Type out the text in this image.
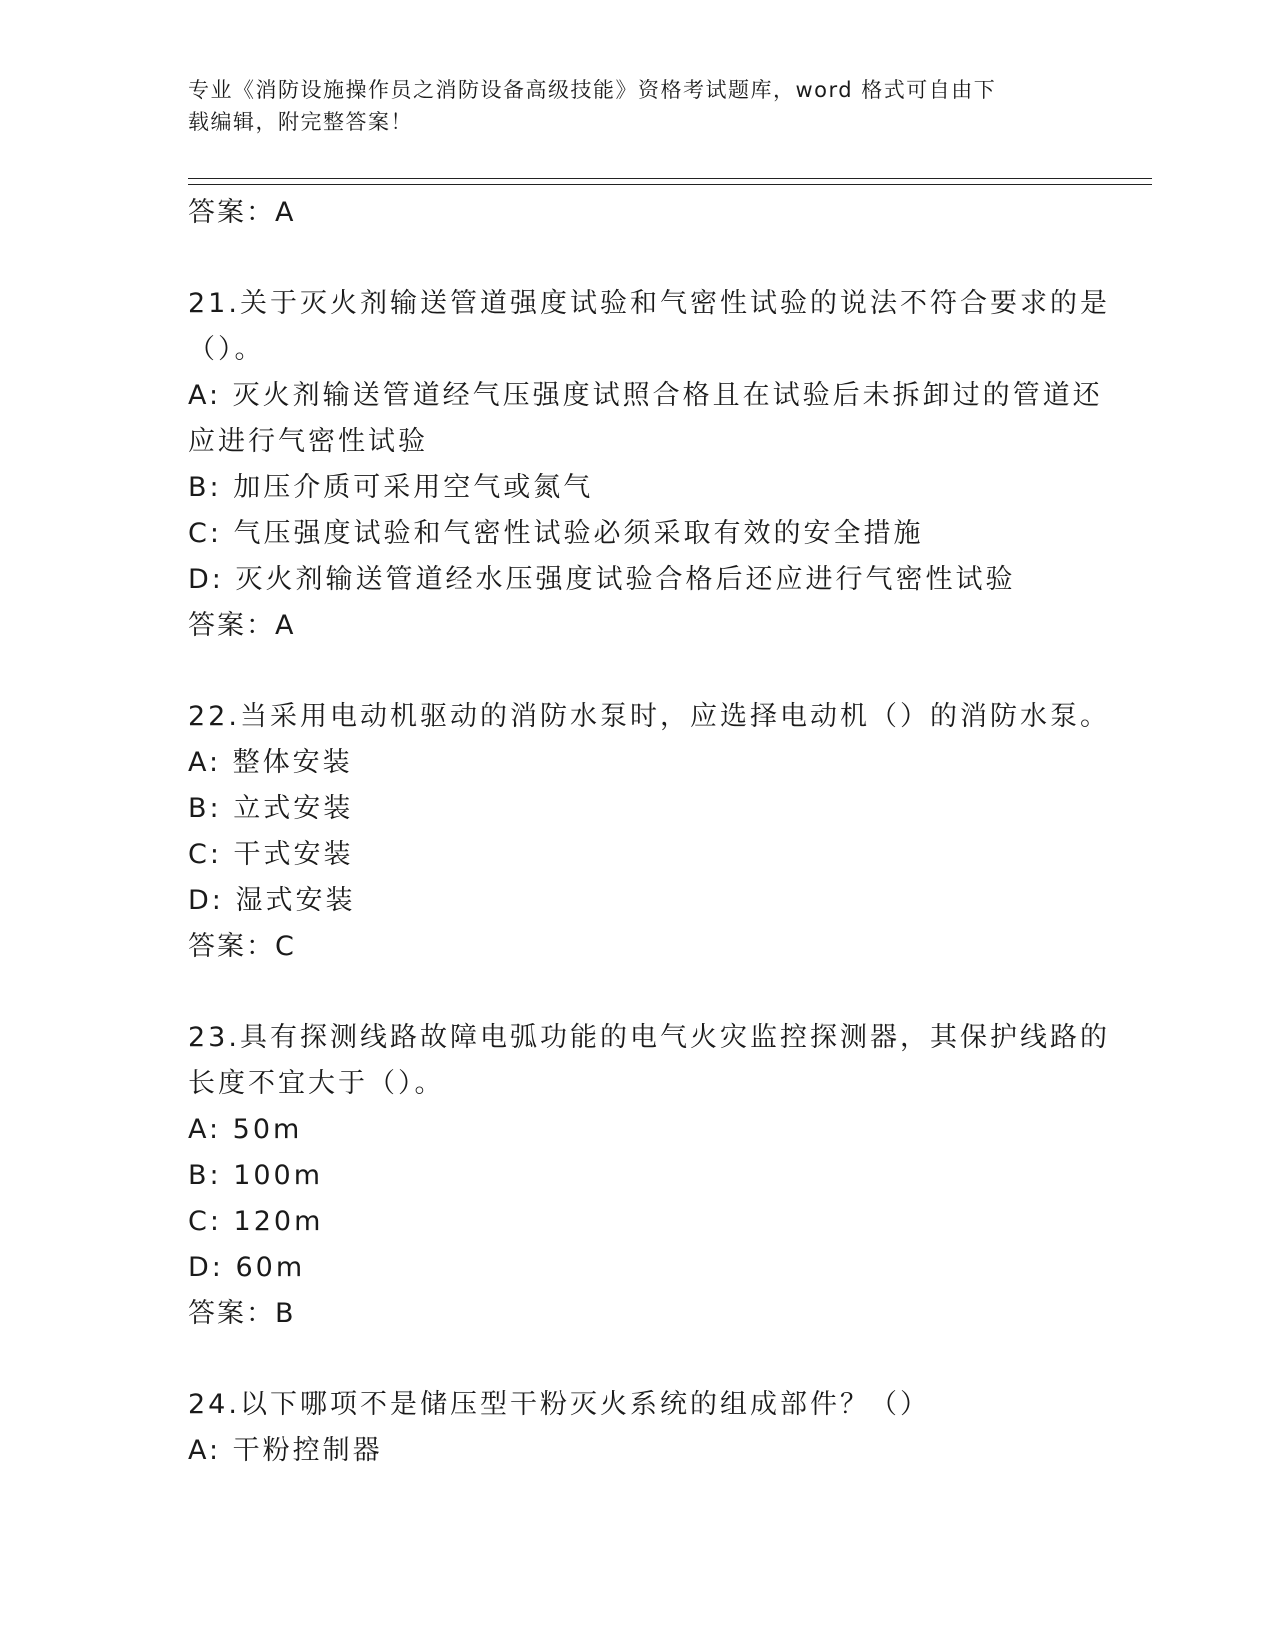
专业《消防设施操作员之消防设备高级技能》资格考试题库，word 格式可自由下
载编辑，附完整答案！
答案：A
21.关于灭火剂输送管道强度试验和气密性试验的说法不符合要求的是
（）。
A: 灭火剂输送管道经气压强度试照合格且在试验后未拆卸过的管道还
应进行气密性试验
B: 加压介质可采用空气或氮气
C: 气压强度试验和气密性试验必须采取有效的安全措施
D: 灭火剂输送管道经水压强度试验合格后还应进行气密性试验
答案：A
22.当采用电动机驱动的消防水泵时，应选择电动机（）的消防水泵。
A: 整体安装
B: 立式安装
C: 干式安装
D: 湿式安装
答案：C
23.具有探测线路故障电弧功能的电气火灾监控探测器，其保护线路的
长度不宜大于（）。
A: 50m
B: 100m
C: 120m
D: 60m
答案：B
24.以下哪项不是储压型干粉灭火系统的组成部件？（）
A: 干粉控制器
